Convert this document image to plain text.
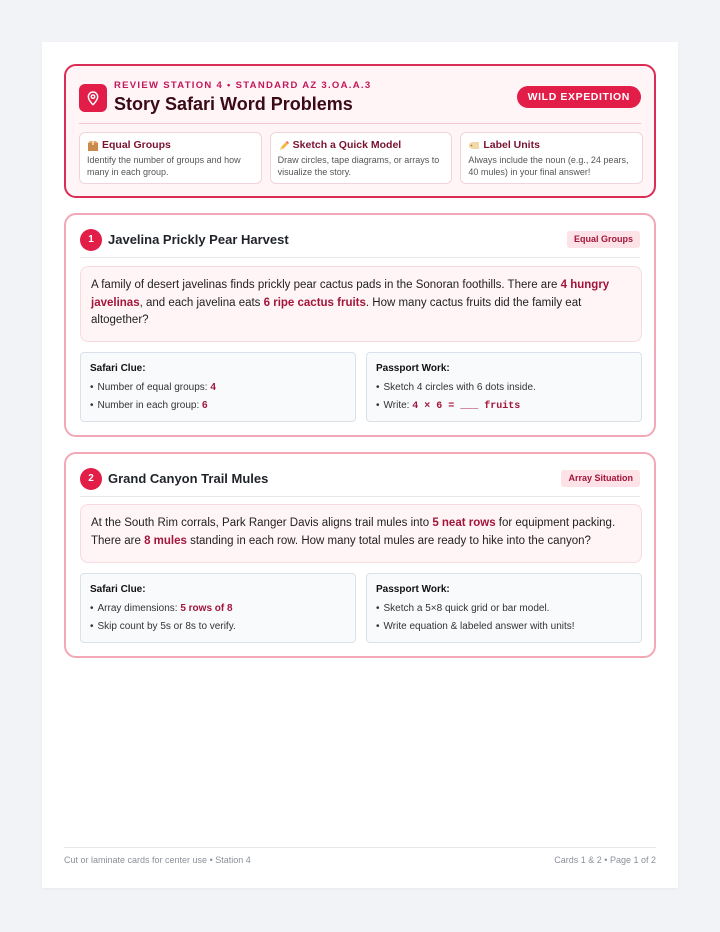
REVIEW STATION 4 • STANDARD AZ 3.OA.A.3
Story Safari Word Problems	WILD EXPEDITION
Equal Groups
Identify the number of groups and how many in each group.
Sketch a Quick Model
Draw circles, tape diagrams, or arrays to visualize the story.
Label Units
Always include the noun (e.g., 24 pears, 40 mules) in your final answer!
1	Javelina Prickly Pear Harvest	Equal Groups
A family of desert javelinas finds prickly pear cactus pads in the Sonoran foothills. There are 4 hungry javelinas, and each javelina eats 6 ripe cactus fruits. How many cactus fruits did the family eat altogether?
Safari Clue:
• Number of equal groups: 4
• Number in each group: 6
Passport Work:
• Sketch 4 circles with 6 dots inside.
• Write: 4 × 6 = ___ fruits
2	Grand Canyon Trail Mules	Array Situation
At the South Rim corrals, Park Ranger Davis aligns trail mules into 5 neat rows for equipment packing. There are 8 mules standing in each row. How many total mules are ready to hike into the canyon?
Safari Clue:
• Array dimensions: 5 rows of 8
• Skip count by 5s or 8s to verify.
Passport Work:
• Sketch a 5×8 quick grid or bar model.
• Write equation & labeled answer with units!
Cut or laminate cards for center use • Station 4	Cards 1 & 2 • Page 1 of 2
